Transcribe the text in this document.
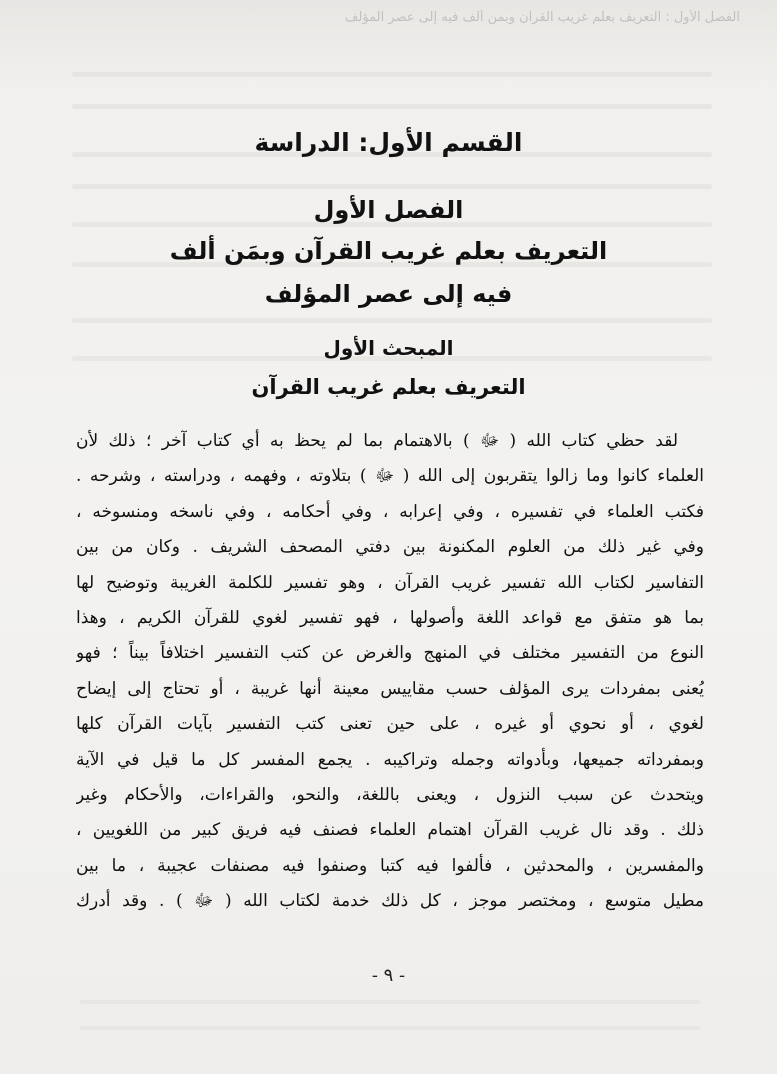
الفصل الأول : التعريف بعلم غريب القرآن وبمن ألف فيه إلى عصر المؤلف
القسم الأول: الدراسة
الفصل الأول
التعريف بعلم غريب القرآن وبمَن ألف
فيه إلى عصر المؤلف
المبحث الأول
التعريف بعلم غريب القرآن
لقد حظي كتاب الله ( ﷻ ) بالاهتمام بما لم يحظ به أي كتاب آخر ؛ ذلك لأن
العلماء كانوا وما زالوا يتقربون إلى الله ( ﷻ ) بتلاوته ، وفهمه ، ودراسته ، وشرحه .
فكتب العلماء في تفسيره ، وفي إعرابه ، وفي أحكامه ، وفي ناسخه ومنسوخه ،
وفي غير ذلك من العلوم المكنونة بين دفتي المصحف الشريف . وكان من بين
التفاسير لكتاب الله تفسير غريب القرآن ، وهو تفسير للكلمة الغريبة وتوضيح لها
بما هو متفق مع قواعد اللغة وأصولها ، فهو تفسير لغوي للقرآن الكريم ، وهذا
النوع من التفسير مختلف في المنهج والغرض عن كتب التفسير اختلافاً بيناً ؛ فهو
يُعنى بمفردات يرى المؤلف حسب مقاييس معينة أنها غريبة ، أو تحتاج إلى إيضاح
لغوي ، أو نحوي أو غيره ، على حين تعنى كتب التفسير بآيات القرآن كلها
وبمفرداته جميعها، وبأدواته وجمله وتراكيبه . يجمع المفسر كل ما قيل في الآية
ويتحدث عن سبب النزول ، ويعنى باللغة، والنحو، والقراءات، والأحكام وغير
ذلك . وقد نال غريب القرآن اهتمام العلماء فصنف فيه فريق كبير من اللغويين ،
والمفسرين ، والمحدثين ، فألفوا فيه كتبا وصنفوا فيه مصنفات عجيبة ، ما بين
مطيل متوسع ، ومختصر موجز ، كل ذلك خدمة لكتاب الله ( ﷻ ) . وقد أدرك
- ٩ -
